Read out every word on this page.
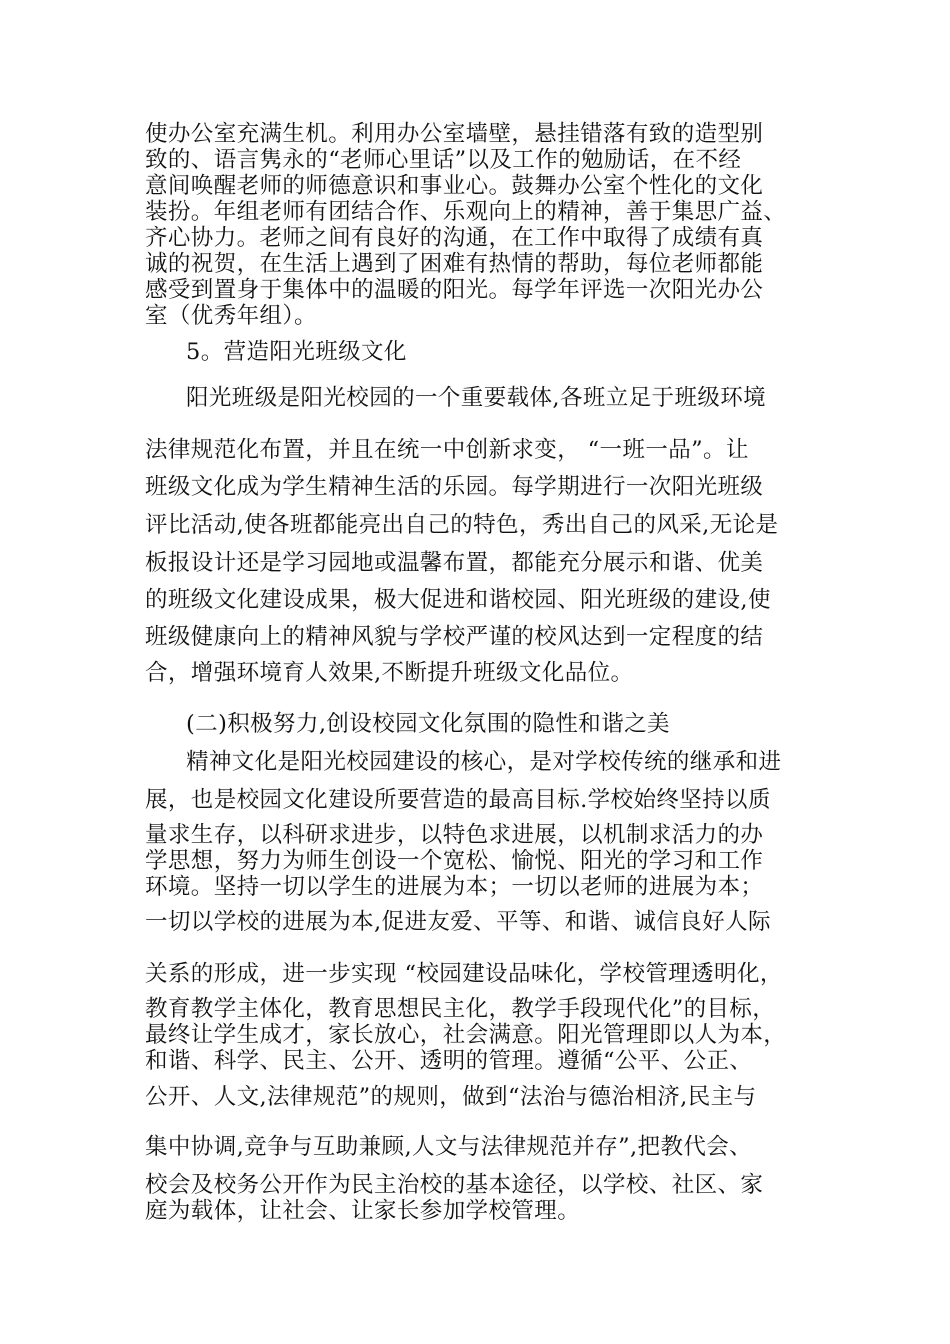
使办公室充满生机。利用办公室墙壁，悬挂错落有致的造型别
致的、语言隽永的“老师心里话”以及工作的勉励话，在不经
意间唤醒老师的师德意识和事业心。鼓舞办公室个性化的文化
装扮。年组老师有团结合作、乐观向上的精神，善于集思广益、
齐心协力。老师之间有良好的沟通，在工作中取得了成绩有真
诚的祝贺，在生活上遇到了困难有热情的帮助，每位老师都能
感受到置身于集体中的温暖的阳光。每学年评选一次阳光办公
室（优秀年组）。
5。营造阳光班级文化
阳光班级是阳光校园的一个重要载体,各班立足于班级环境
法律规范化布置，并且在统一中创新求变， “一班一品”。让
班级文化成为学生精神生活的乐园。每学期进行一次阳光班级
评比活动,使各班都能亮出自己的特色，秀出自己的风采,无论是
板报设计还是学习园地或温馨布置，都能充分展示和谐、优美
的班级文化建设成果，极大促进和谐校园、阳光班级的建设,使
班级健康向上的精神风貌与学校严谨的校风达到一定程度的结
合，增强环境育人效果,不断提升班级文化品位。
(二)积极努力,创设校园文化氛围的隐性和谐之美
精神文化是阳光校园建设的核心，是对学校传统的继承和进
展，也是校园文化建设所要营造的最高目标.学校始终坚持以质
量求生存，以科研求进步，以特色求进展，以机制求活力的办
学思想，努力为师生创设一个宽松、愉悦、阳光的学习和工作
环境。坚持一切以学生的进展为本；一切以老师的进展为本；
一切以学校的进展为本,促进友爱、平等、和谐、诚信良好人际
关系的形成，进一步实现 “校园建设品味化，学校管理透明化，
教育教学主体化，教育思想民主化，教学手段现代化”的目标，
最终让学生成才，家长放心，社会满意。阳光管理即以人为本，
和谐、科学、民主、公开、透明的管理。遵循“公平、公正、
公开、人文,法律规范”的规则，做到“法治与德治相济,民主与
集中协调,竞争与互助兼顾,人文与法律规范并存”,把教代会、
校会及校务公开作为民主治校的基本途径，以学校、社区、家
庭为载体，让社会、让家长参加学校管理。
